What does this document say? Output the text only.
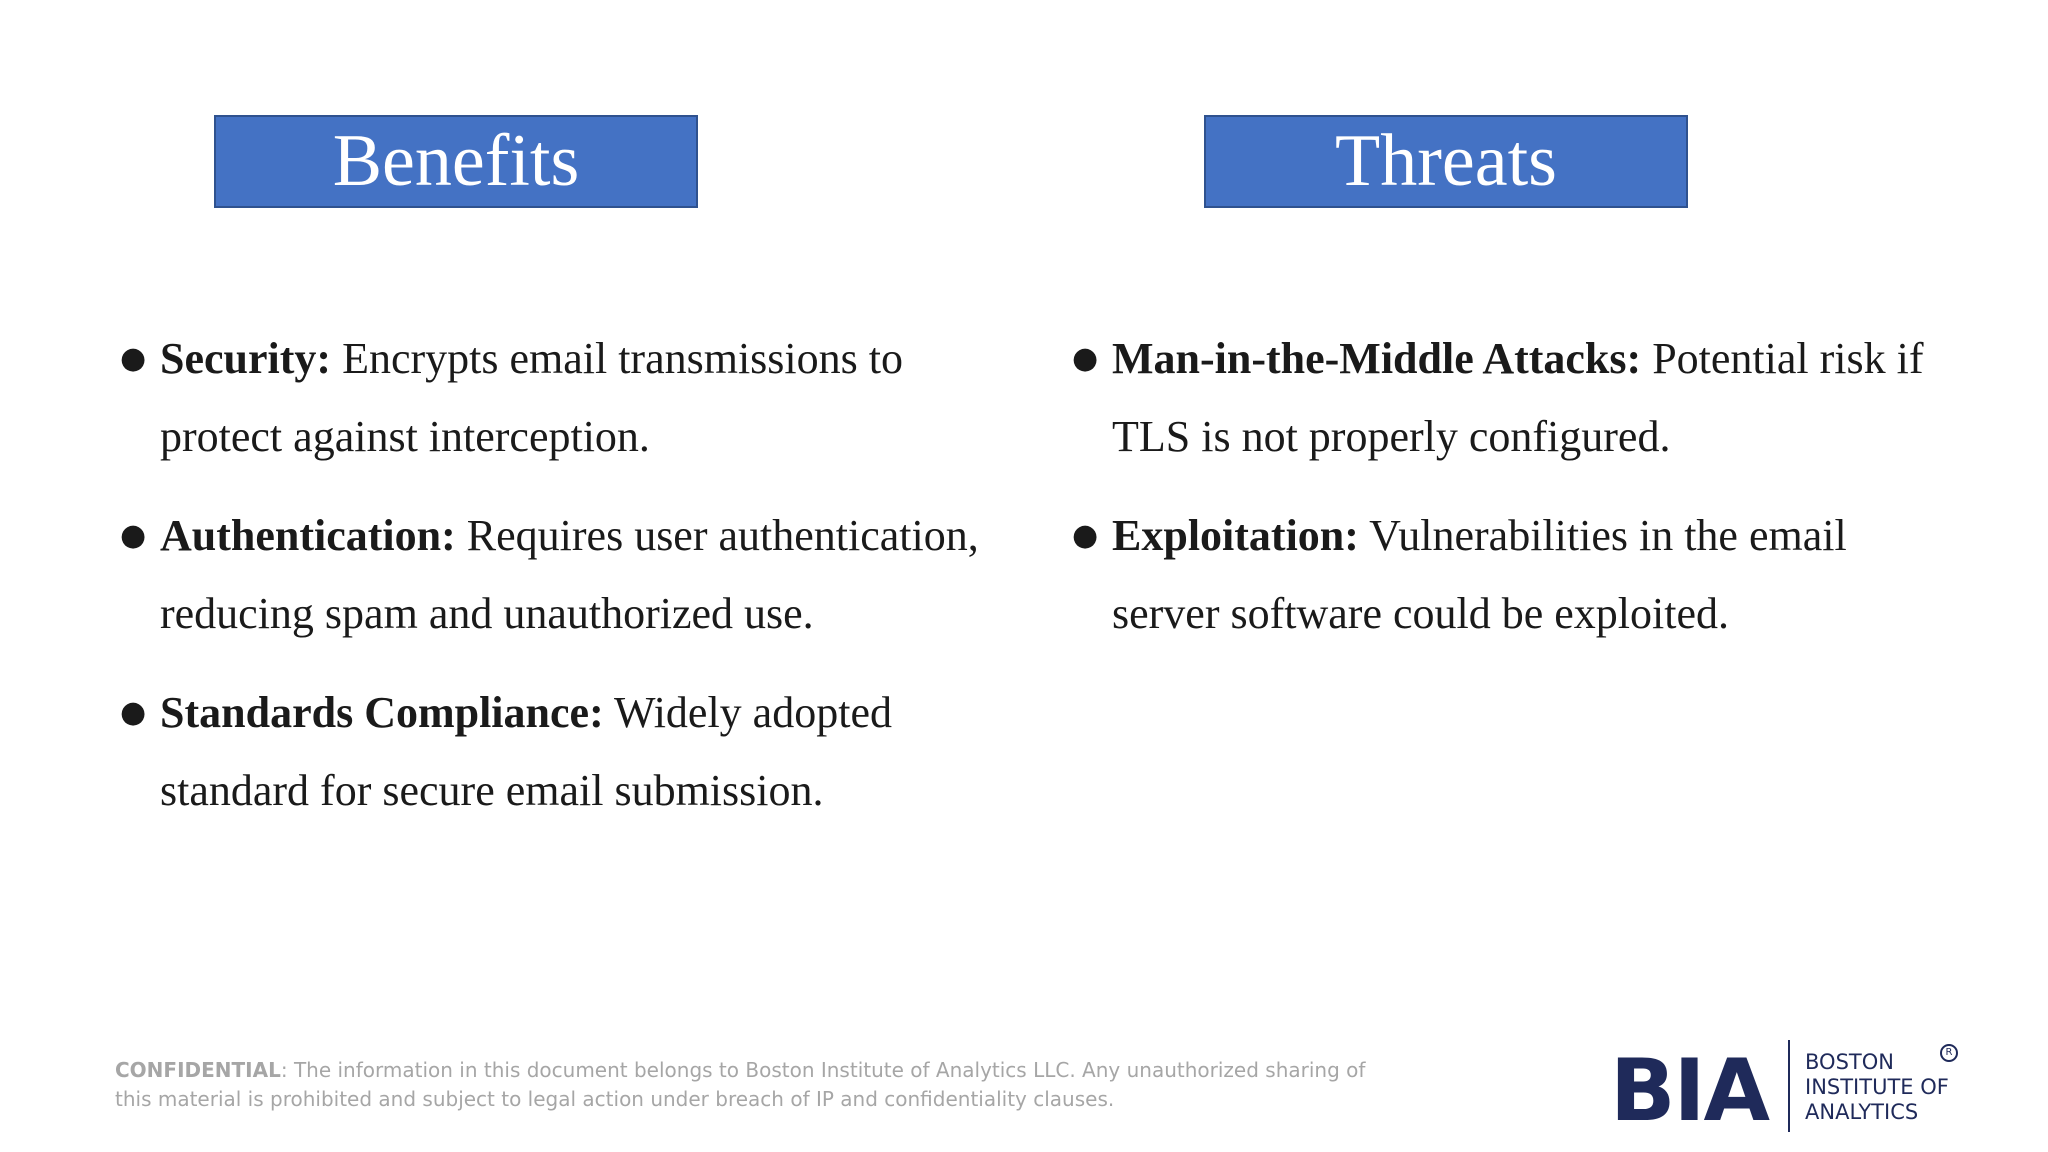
Benefits	Threats
● Security: Encrypts email transmissions to protect against interception.
● Authentication: Requires user authentication, reducing spam and unauthorized use.
● Standards Compliance: Widely adopted standard for secure email submission.
● Man-in-the-Middle Attacks: Potential risk if TLS is not properly configured.
● Exploitation: Vulnerabilities in the email server software could be exploited.
CONFIDENTIAL: The information in this document belongs to Boston Institute of Analytics LLC. Any unauthorized sharing of this material is prohibited and subject to legal action under breach of IP and confidentiality clauses.	BIA BOSTON
INSTITUTE OF
ANALYTICS
R
